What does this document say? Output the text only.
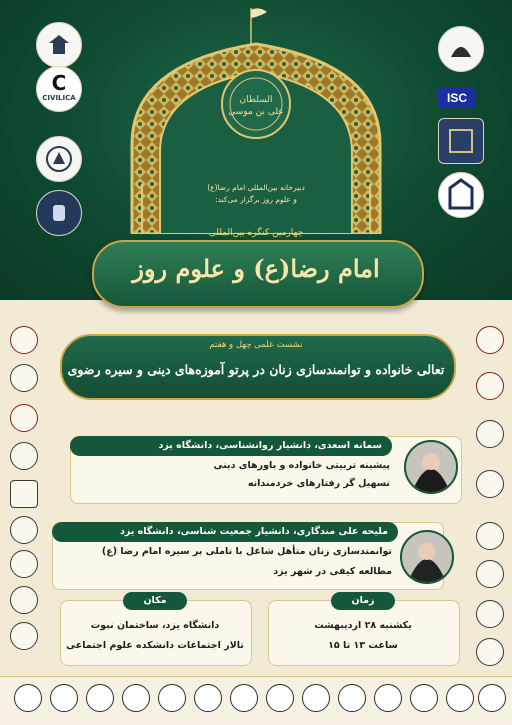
السلطان
علی بن موسی
CIVILICA
C
ISC
دبیرخانه بین‌المللی امام رضا(ع)
و علوم روز برگزار می‌کند:
چهارمین کنگره بین‌المللی
امام رضا(ع) و علوم روز
نشست علمی چهل و هفتم
تعالی خانواده و توانمندسازی زنان در پرتو آموزه‌های دینی و سیره رضوی
سمانه اسعدی، دانشیار روانشناسی، دانشگاه یزد
پیشینه تربیتی خانواده و باورهای دینی
تسهیل گر رفتارهای خردمندانه
ملیحه علی مندگاری، دانشیار جمعیت شناسی، دانشگاه یزد
توانمندسازی زنان متأهل شاغل با تاملی بر سیره امام رضا (ع)
مطالعه کیفی در شهر یزد
مکان
دانشگاه یزد، ساختمان نبوت
تالار اجتماعات دانشکده علوم اجتماعی
زمان
یکشنبه ۲۸ اردیبهشت
ساعت ۱۳ تا ۱۵
